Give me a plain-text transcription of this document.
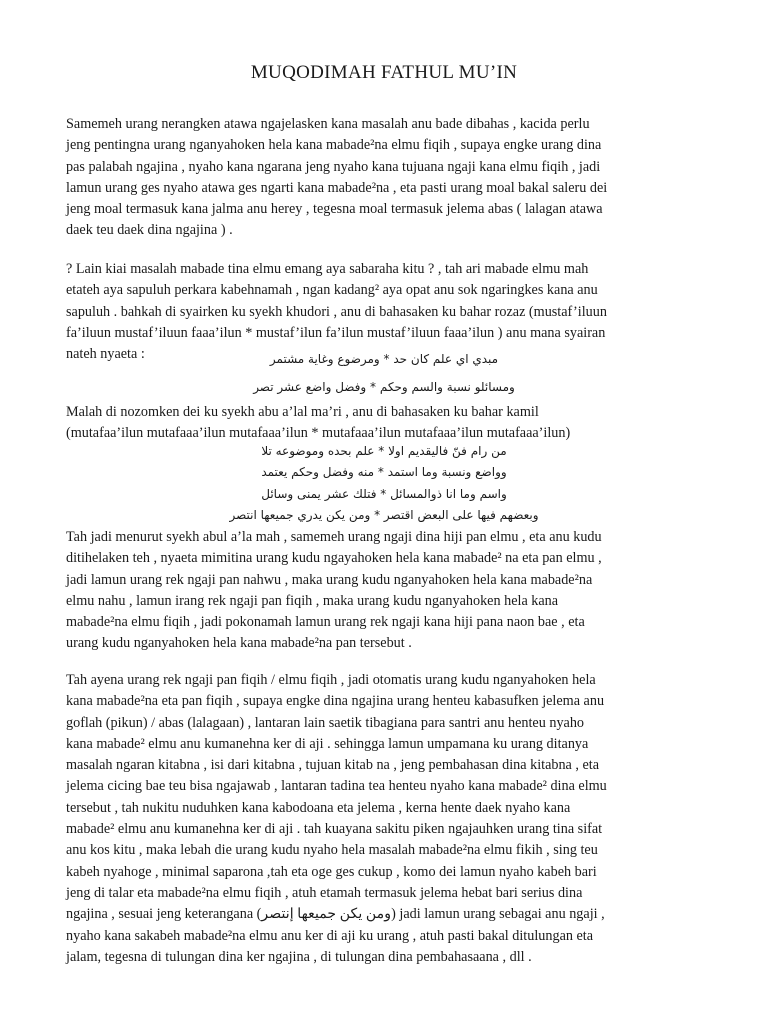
MUQODIMAH FATHUL MU’IN
Samemeh urang nerangken atawa ngajelasken kana masalah anu bade dibahas , kacida perlu
jeng pentingna urang nganyahoken hela kana mabade²na elmu fiqih , supaya engke urang dina
pas palabah ngajina , nyaho kana ngarana jeng nyaho kana tujuana ngaji kana elmu fiqih , jadi
lamun urang ges nyaho atawa ges ngarti kana mabade²na , eta pasti urang moal bakal saleru dei
jeng moal termasuk kana jalma anu herey , tegesna moal termasuk jelema abas ( lalagan atawa
daek teu daek dina ngajina ) .
? Lain kiai masalah mabade tina elmu emang aya sabaraha kitu ? , tah ari mabade elmu mah
etateh aya sapuluh perkara kabehnamah , ngan kadang² aya opat anu sok ngaringkes kana anu
sapuluh . bahkah di syairken ku syekh khudori , anu di bahasaken ku bahar rozaz (mustaf’iluun
fa’iluun mustaf’iluun faaa’ilun * mustaf’ilun fa’ilun mustaf’iluun faaa’ilun ) anu mana syairan
nateh nyaeta :	مبدي اي علم كان حد * ومرضوع وغاية مشتمر
ومسائلو نسبة والسم وحكم * وفضل واضع عشر تصر
Malah di nozomken dei ku syekh abu a’lal ma’ri , anu di bahasaken ku bahar kamil
(mutafaa’ilun mutafaaa’ilun mutafaaa’ilun * mutafaaa’ilun mutafaaa’ilun mutafaaa’ilun)
من رام فنّ فاليقديم اولا * علم بحده وموضوعه تلا
وواضع ونسبة وما استمد * منه وفضل وحكم يعتمد
واسم وما انا ذوالمسائل * فتلك عشر يمنى وسائل
وبعضهم فيها على البعض اقتصر * ومن يكن يدري جميعها انتصر
Tah jadi menurut syekh abul a’la mah , samemeh urang ngaji dina hiji pan elmu , eta anu kudu
ditihelaken teh , nyaeta mimitina urang kudu ngayahoken hela kana mabade² na eta pan elmu ,
jadi lamun urang rek ngaji pan nahwu , maka urang kudu nganyahoken hela kana mabade²na
elmu nahu , lamun irang rek ngaji pan fiqih , maka urang kudu nganyahoken hela kana
mabade²na elmu fiqih , jadi pokonamah lamun urang rek ngaji kana hiji pana naon bae , eta
urang kudu nganyahoken hela kana mabade²na pan tersebut .
Tah ayena urang rek ngaji pan fiqih / elmu fiqih , jadi otomatis urang kudu nganyahoken hela
kana mabade²na eta pan fiqih , supaya engke dina ngajina urang henteu kabasufken jelema anu
goflah (pikun) / abas (lalagaan) , lantaran lain saetik tibagiana para santri anu henteu nyaho
kana mabade² elmu anu kumanehna ker di aji . sehingga lamun umpamana ku urang ditanya
masalah ngaran kitabna , isi dari kitabna , tujuan kitab na , jeng pembahasan dina kitabna , eta
jelema cicing bae teu bisa ngajawab , lantaran tadina tea henteu nyaho kana mabade² dina elmu
tersebut , tah nukitu nuduhken kana kabodoana eta jelema , kerna hente daek nyaho kana
mabade² elmu anu kumanehna ker di aji . tah kuayana sakitu piken ngajauhken urang tina sifat
anu kos kitu , maka lebah die urang kudu nyaho hela masalah mabade²na elmu fikih , sing teu
kabeh nyahoge , minimal saparona ,tah eta oge ges cukup , komo dei lamun nyaho kabeh bari
jeng di talar eta mabade²na elmu fiqih , atuh etamah termasuk jelema hebat bari serius dina
ngajina , sesuai jeng keterangana (ومن يكن جميعها إنتصر) jadi lamun urang sebagai anu ngaji ,
nyaho kana sakabeh mabade²na elmu anu ker di aji ku urang , atuh pasti bakal ditulungan eta
jalam, tegesna di tulungan dina ker ngajina , di tulungan dina pembahasaana , dll .
